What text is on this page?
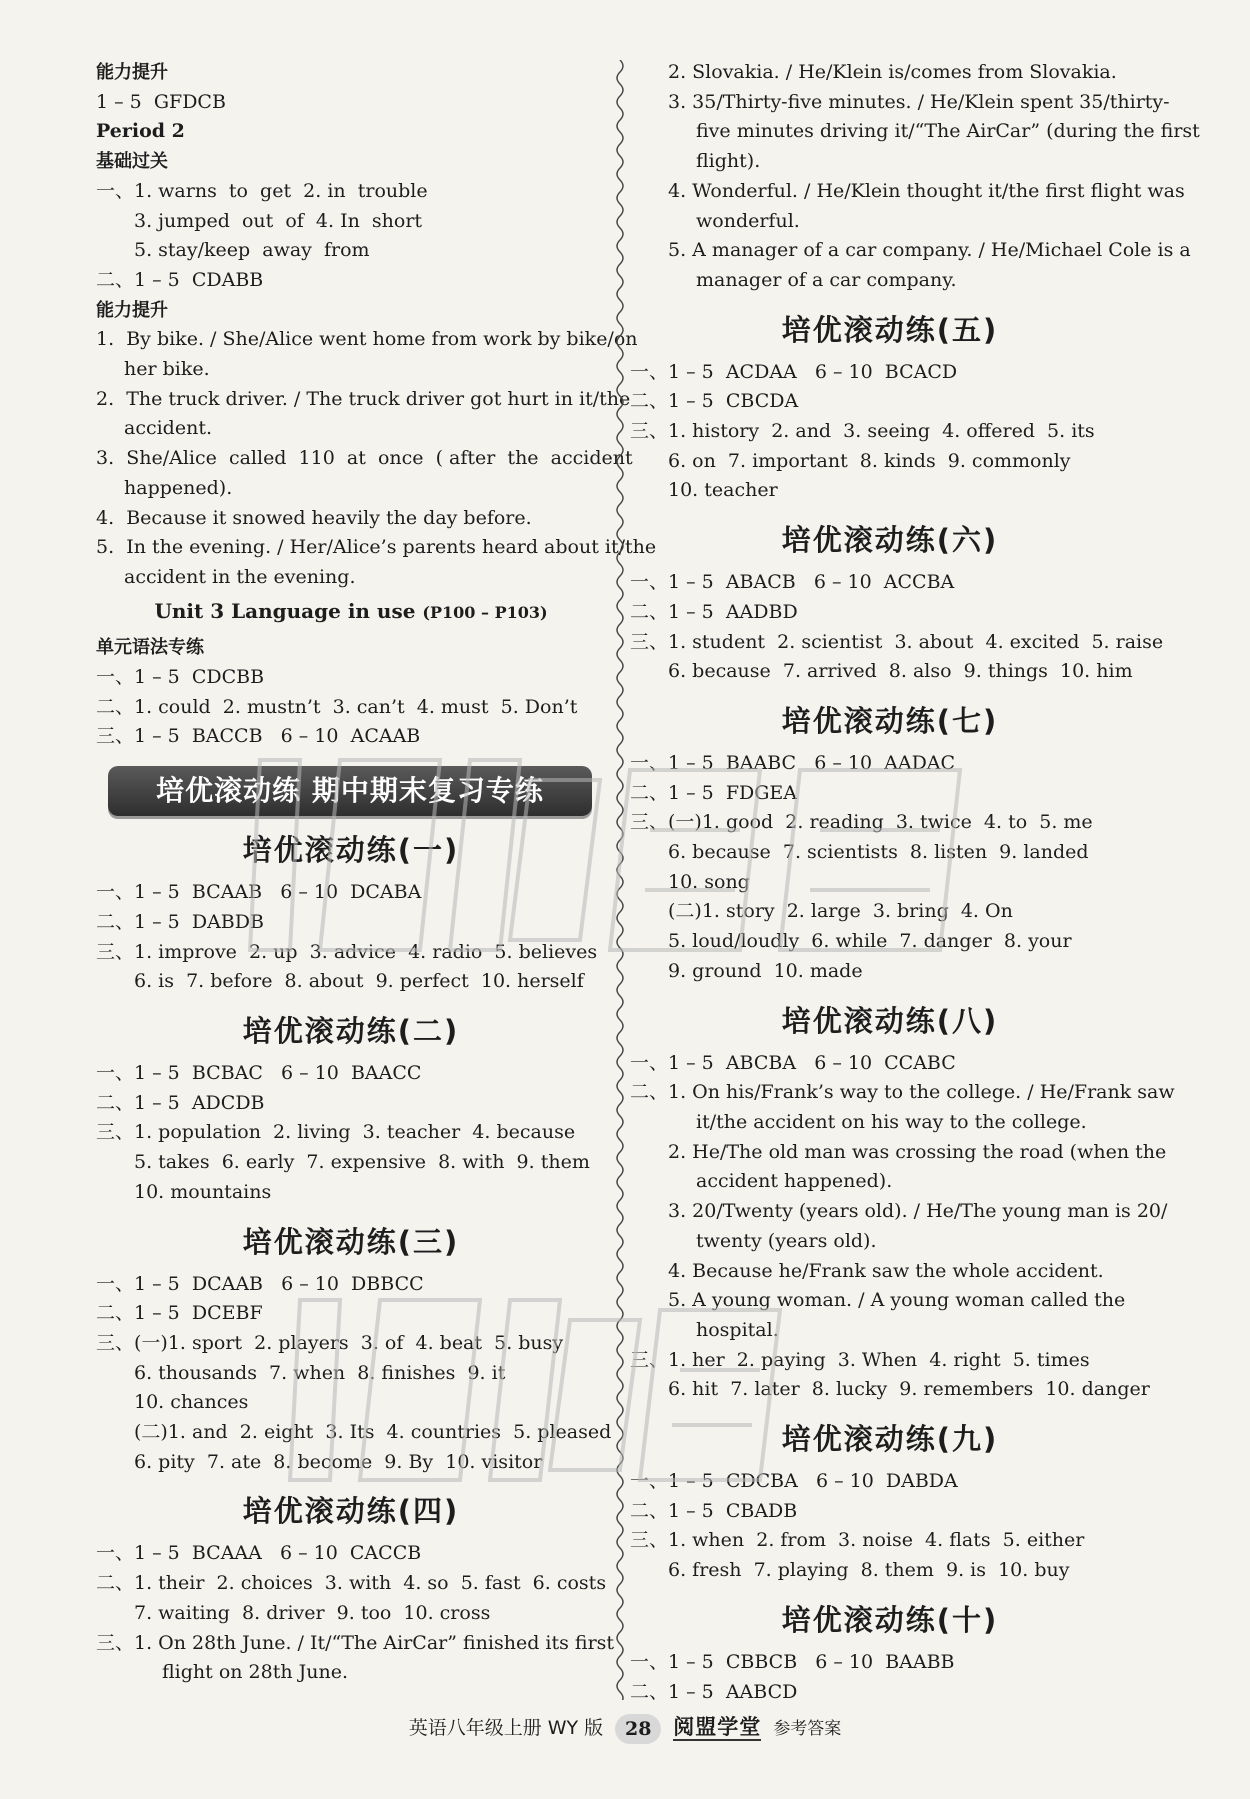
能力提升
1 – 5  GFDCB
Period 2
基础过关
一、1. warns  to  get  2. in  trouble
3. jumped  out  of  4. In  short
5. stay/keep  away  from
二、1 – 5  CDABB
能力提升
1.  By bike. / She/Alice went home from work by bike/on
her bike.
2.  The truck driver. / The truck driver got hurt in it/the
accident.
3.  She/Alice  called  110  at  once  ( after  the  accident
happened).
4.  Because it snowed heavily the day before.
5.  In the evening. / Her/Alice’s parents heard about it/the
accident in the evening.
Unit 3 Language in use (P100 – P103)
单元语法专练
一、1 – 5  CDCBB
二、1. could  2. mustn’t  3. can’t  4. must  5. Don’t
三、1 – 5  BACCB   6 – 10  ACAAB
培优滚动练 期中期末复习专练
培优滚动练(一)
一、1 – 5  BCAAB   6 – 10  DCABA
二、1 – 5  DABDB
三、1. improve  2. up  3. advice  4. radio  5. believes
6. is  7. before  8. about  9. perfect  10. herself
培优滚动练(二)
一、1 – 5  BCBAC   6 – 10  BAACC
二、1 – 5  ADCDB
三、1. population  2. living  3. teacher  4. because
5. takes  6. early  7. expensive  8. with  9. them
10. mountains
培优滚动练(三)
一、1 – 5  DCAAB   6 – 10  DBBCC
二、1 – 5  DCEBF
三、(一)1. sport  2. players  3. of  4. beat  5. busy
6. thousands  7. when  8. finishes  9. it
10. chances
(二)1. and  2. eight  3. Its  4. countries  5. pleased
6. pity  7. ate  8. become  9. By  10. visitor
培优滚动练(四)
一、1 – 5  BCAAA   6 – 10  CACCB
二、1. their  2. choices  3. with  4. so  5. fast  6. costs
7. waiting  8. driver  9. too  10. cross
三、1. On 28th June. / It/“The AirCar” finished its first
flight on 28th June.
2. Slovakia. / He/Klein is/comes from Slovakia.
3. 35/Thirty-five minutes. / He/Klein spent 35/thirty-
five minutes driving it/“The AirCar” (during the first
flight).
4. Wonderful. / He/Klein thought it/the first flight was
wonderful.
5. A manager of a car company. / He/Michael Cole is a
manager of a car company.
培优滚动练(五)
一、1 – 5  ACDAA   6 – 10  BCACD
二、1 – 5  CBCDA
三、1. history  2. and  3. seeing  4. offered  5. its
6. on  7. important  8. kinds  9. commonly
10. teacher
培优滚动练(六)
一、1 – 5  ABACB   6 – 10  ACCBA
二、1 – 5  AADBD
三、1. student  2. scientist  3. about  4. excited  5. raise
6. because  7. arrived  8. also  9. things  10. him
培优滚动练(七)
一、1 – 5  BAABC   6 – 10  AADAC
二、1 – 5  FDGEA
三、(一)1. good  2. reading  3. twice  4. to  5. me
6. because  7. scientists  8. listen  9. landed
10. song
(二)1. story  2. large  3. bring  4. On
5. loud/loudly  6. while  7. danger  8. your
9. ground  10. made
培优滚动练(八)
一、1 – 5  ABCBA   6 – 10  CCABC
二、1. On his/Frank’s way to the college. / He/Frank saw
it/the accident on his way to the college.
2. He/The old man was crossing the road (when the
accident happened).
3. 20/Twenty (years old). / He/The young man is 20/
twenty (years old).
4. Because he/Frank saw the whole accident.
5. A young woman. / A young woman called the
hospital.
三、1. her  2. paying  3. When  4. right  5. times
6. hit  7. later  8. lucky  9. remembers  10. danger
培优滚动练(九)
一、1 – 5  CDCBA   6 – 10  DABDA
二、1 – 5  CBADB
三、1. when  2. from  3. noise  4. flats  5. either
6. fresh  7. playing  8. them  9. is  10. buy
培优滚动练(十)
一、1 – 5  CBBCB   6 – 10  BAABB
二、1 – 5  AABCD
英语八年级上册 WY 版 28 阅盟学堂 参考答案
